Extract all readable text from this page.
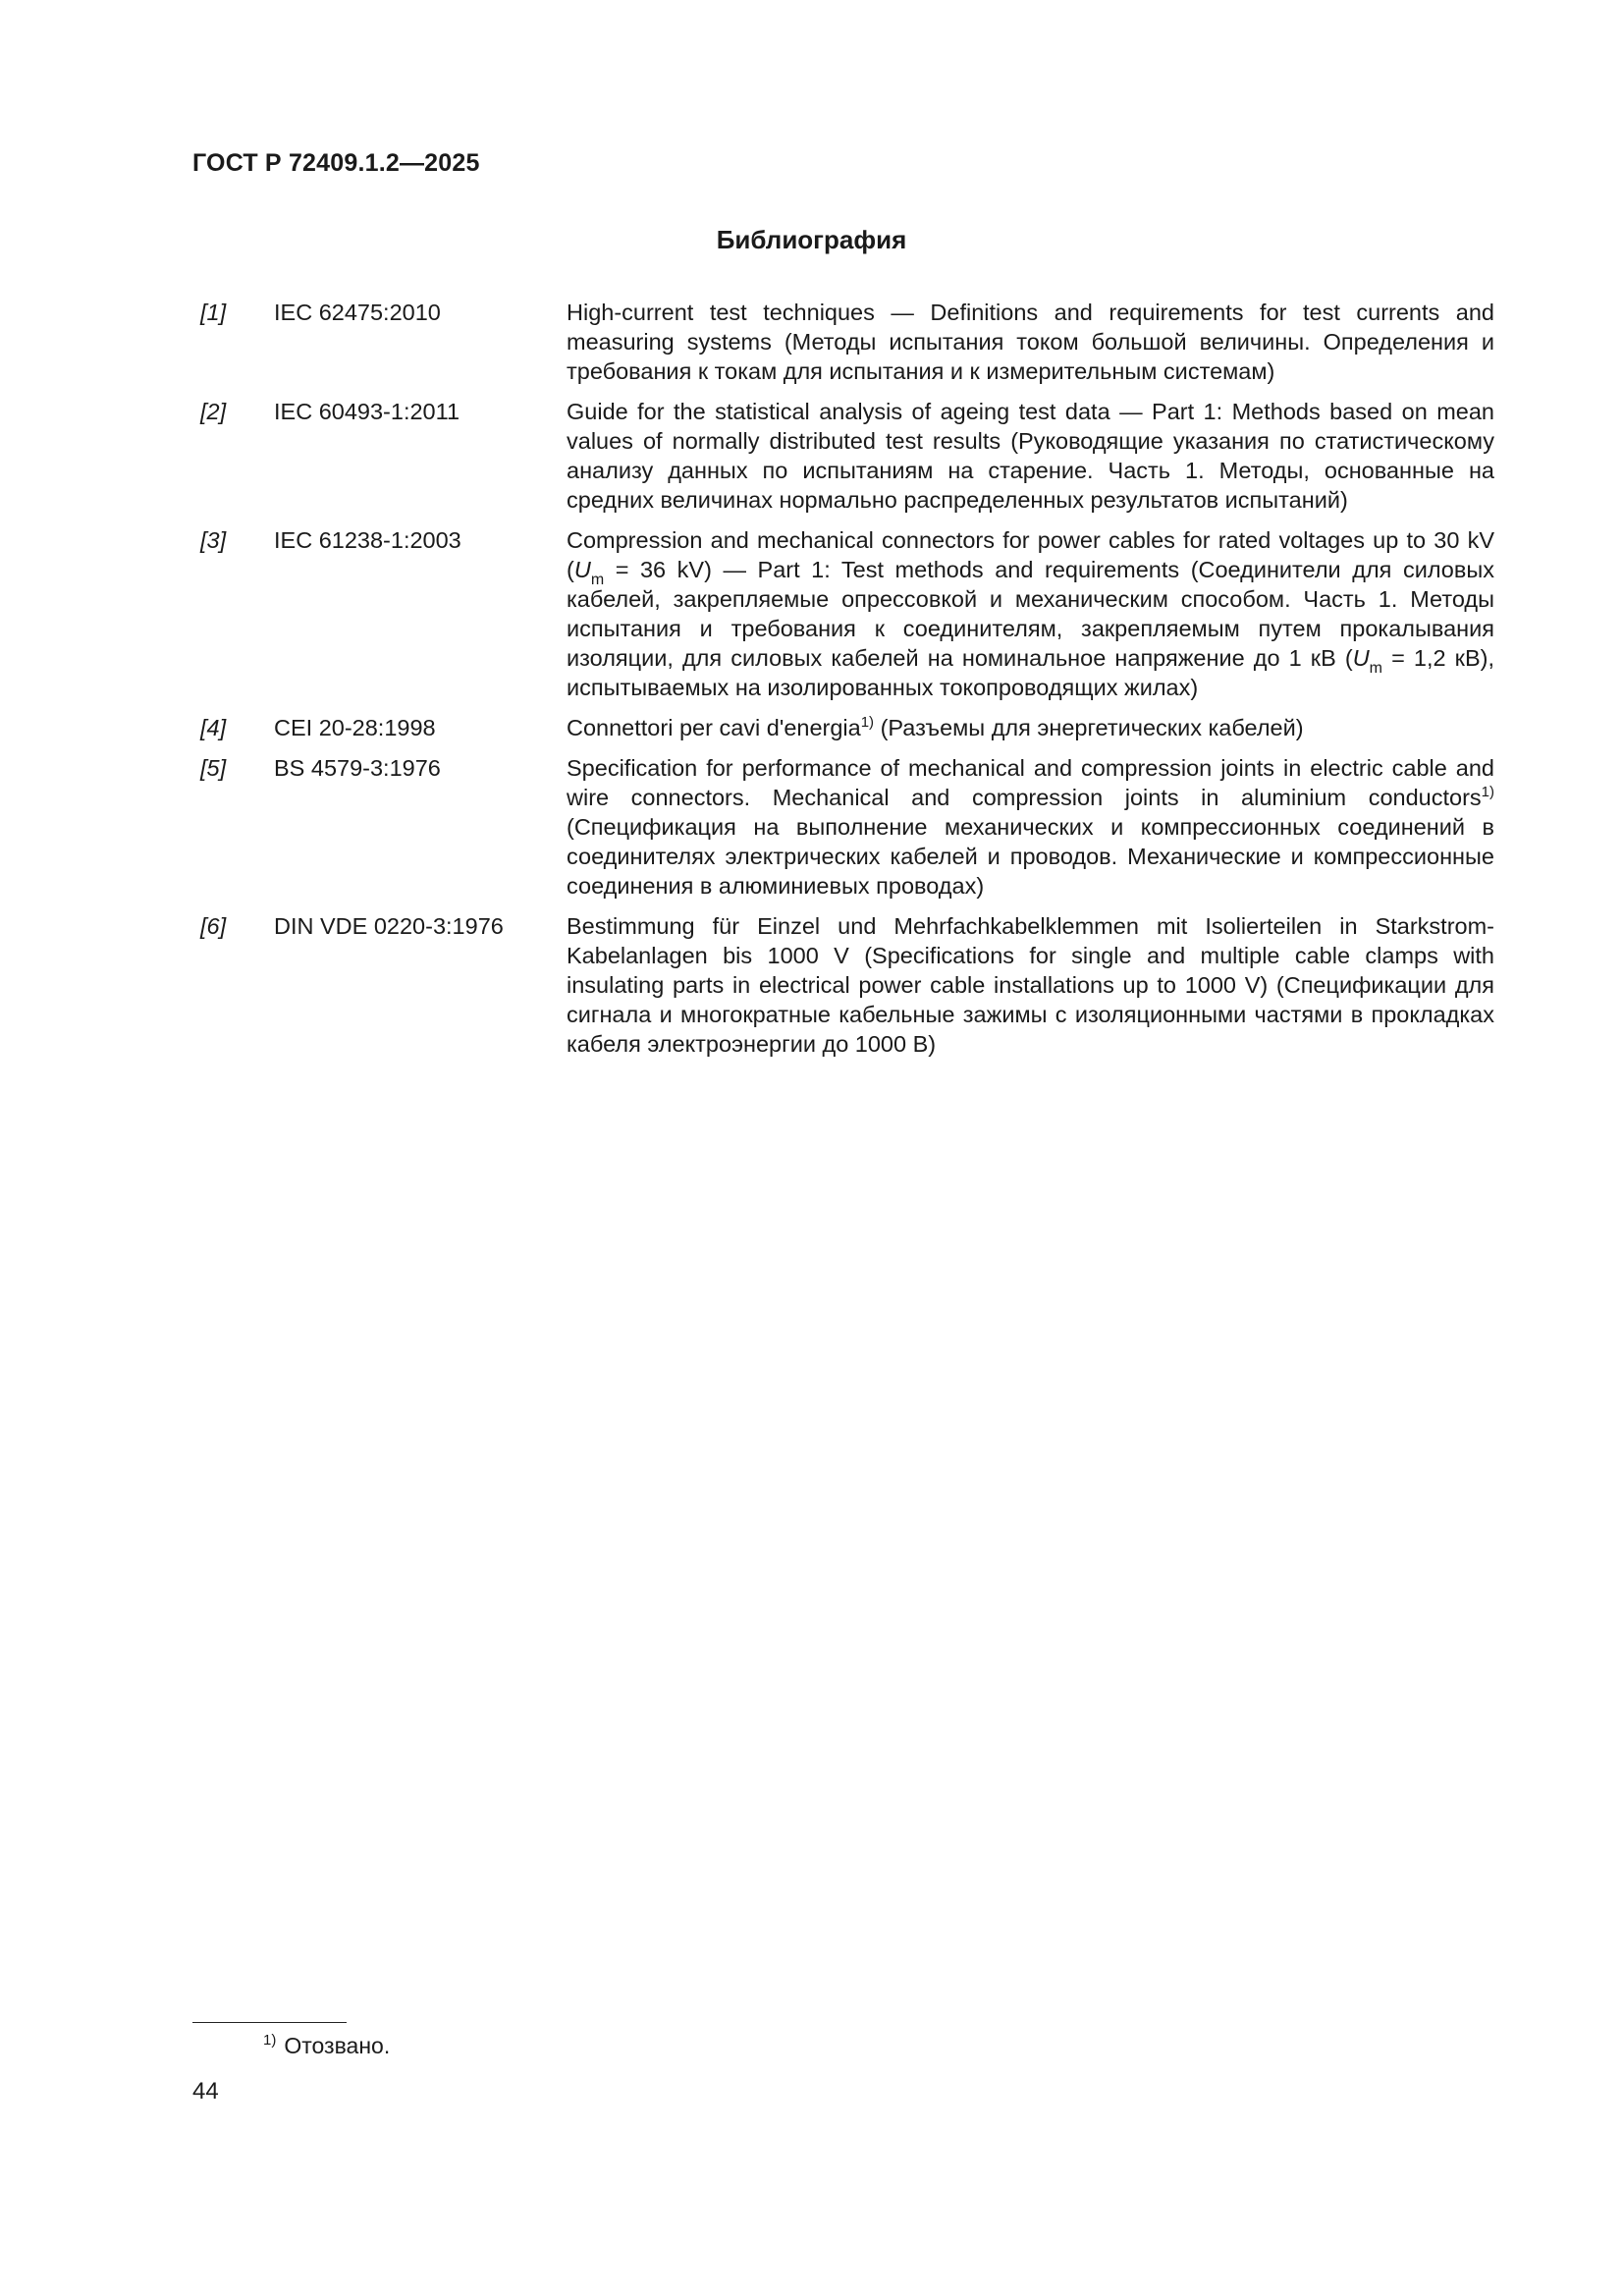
ГОСТ Р 72409.1.2—2025
Библиография
[1]	IEC 62475:2010	High-current test techniques — Definitions and requirements for test currents and measuring systems (Методы испытания током большой величины. Определения и требования к токам для испытания и к измерительным системам)
[2]	IEC 60493-1:2011	Guide for the statistical analysis of ageing test data — Part 1: Methods based on mean values of normally distributed test results (Руководящие указания по статистическому анализу данных по испытаниям на старение. Часть 1. Методы, основанные на средних величинах нормально распределенных результатов испытаний)
[3]	IEC 61238-1:2003	Compression and mechanical connectors for power cables for rated voltages up to 30 kV ($U_m = 36$ kV) — Part 1: Test methods and requirements (Соединители для силовых кабелей, закрепляемые опрессовкой и механическим способом. Часть 1. Методы испытания и требования к соединителям, закрепляемым путем прокалывания изоляции, для силовых кабелей на номинальное напряжение до 1 кВ ($U_m = 1,2$ кВ), испытываемых на изолированных токопроводящих жилах)
[4]	CEI 20-28:1998	Connettori per cavi d'energia$^{1)}$ (Разъемы для энергетических кабелей)
[5]	BS 4579-3:1976	Specification for performance of mechanical and compression joints in electric cable and wire connectors. Mechanical and compression joints in aluminium conductors$^{1)}$ (Спецификация на выполнение механических и компрессионных соединений в соединителях электрических кабелей и проводов. Механические и компрессионные соединения в алюминиевых проводах)
[6]	DIN VDE 0220-3:1976	Bestimmung für Einzel und Mehrfachkabelklemmen mit Isolierteilen in Starkstrom-Kabelanlagen bis 1000 V (Specifications for single and multiple cable clamps with insulating parts in electrical power cable installations up to 1000 V) (Спецификации для сигнала и многократные кабельные зажимы с изоляционными частями в прокладках кабеля электроэнергии до 1000 В)
$^{1)}$ Отозвано.
44
